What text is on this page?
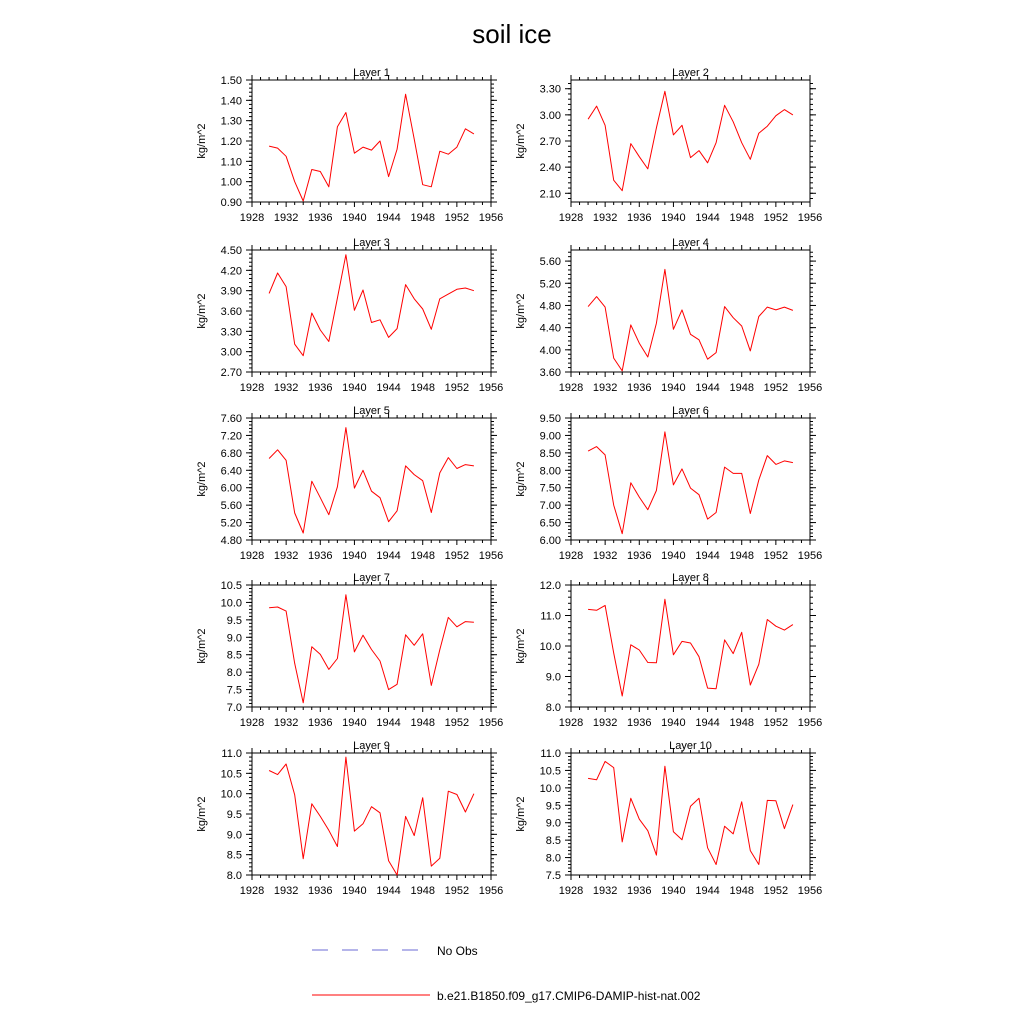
soil ice
Layer 1
kg/m^2
1928 1932 1936 1940 1944 1948 1952 1956
0.90
1.00
1.10
1.20
1.30
1.40
1.50
Layer 2
kg/m^2
1928 1932 1936 1940 1944 1948 1952 1956
2.10
2.40
2.70
3.00
3.30
Layer 3
kg/m^2
1928 1932 1936 1940 1944 1948 1952 1956
2.70
3.00
3.30
3.60
3.90
4.20
4.50
Layer 4
kg/m^2
1928 1932 1936 1940 1944 1948 1952 1956
3.60
4.00
4.40
4.80
5.20
5.60
Layer 5
kg/m^2
1928 1932 1936 1940 1944 1948 1952 1956
4.80
5.20
5.60
6.00
6.40
6.80
7.20
7.60
Layer 6
kg/m^2
1928 1932 1936 1940 1944 1948 1952 1956
6.00
6.50
7.00
7.50
8.00
8.50
9.00
9.50
Layer 7
kg/m^2
1928 1932 1936 1940 1944 1948 1952 1956
7.0
7.5
8.0
8.5
9.0
9.5
10.0
10.5
Layer 8
kg/m^2
1928 1932 1936 1940 1944 1948 1952 1956
8.0
9.0
10.0
11.0
12.0
Layer 9
kg/m^2
1928 1932 1936 1940 1944 1948 1952 1956
8.0
8.5
9.0
9.5
10.0
10.5
11.0
Layer 10
kg/m^2
1928 1932 1936 1940 1944 1948 1952 1956
7.5
8.0
8.5
9.0
9.5
10.0
10.5
11.0
No Obs
b.e21.B1850.f09_g17.CMIP6-DAMIP-hist-nat.002
